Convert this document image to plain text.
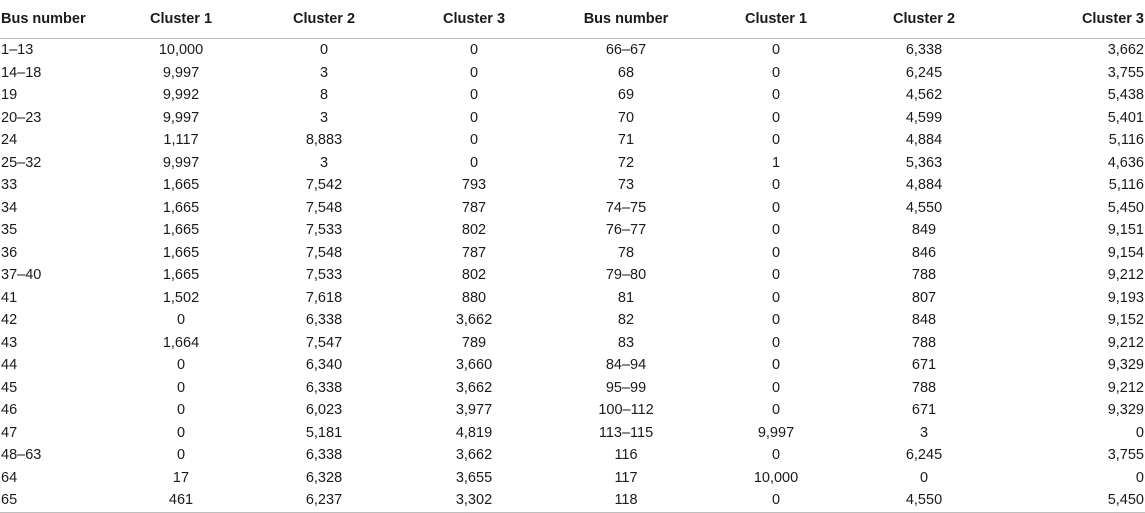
Bus number	Cluster 1	Cluster 2	Cluster 3	Bus number	Cluster 1	Cluster 2	Cluster 3
1–13	10,000	0	0	66–67	0	6,338	3,662
14–18	9,997	3	0	68	0	6,245	3,755
19	9,992	8	0	69	0	4,562	5,438
20–23	9,997	3	0	70	0	4,599	5,401
24	1,117	8,883	0	71	0	4,884	5,116
25–32	9,997	3	0	72	1	5,363	4,636
33	1,665	7,542	793	73	0	4,884	5,116
34	1,665	7,548	787	74–75	0	4,550	5,450
35	1,665	7,533	802	76–77	0	849	9,151
36	1,665	7,548	787	78	0	846	9,154
37–40	1,665	7,533	802	79–80	0	788	9,212
41	1,502	7,618	880	81	0	807	9,193
42	0	6,338	3,662	82	0	848	9,152
43	1,664	7,547	789	83	0	788	9,212
44	0	6,340	3,660	84–94	0	671	9,329
45	0	6,338	3,662	95–99	0	788	9,212
46	0	6,023	3,977	100–112	0	671	9,329
47	0	5,181	4,819	113–115	9,997	3	0
48–63	0	6,338	3,662	116	0	6,245	3,755
64	17	6,328	3,655	117	10,000	0	0
65	461	6,237	3,302	118	0	4,550	5,450
